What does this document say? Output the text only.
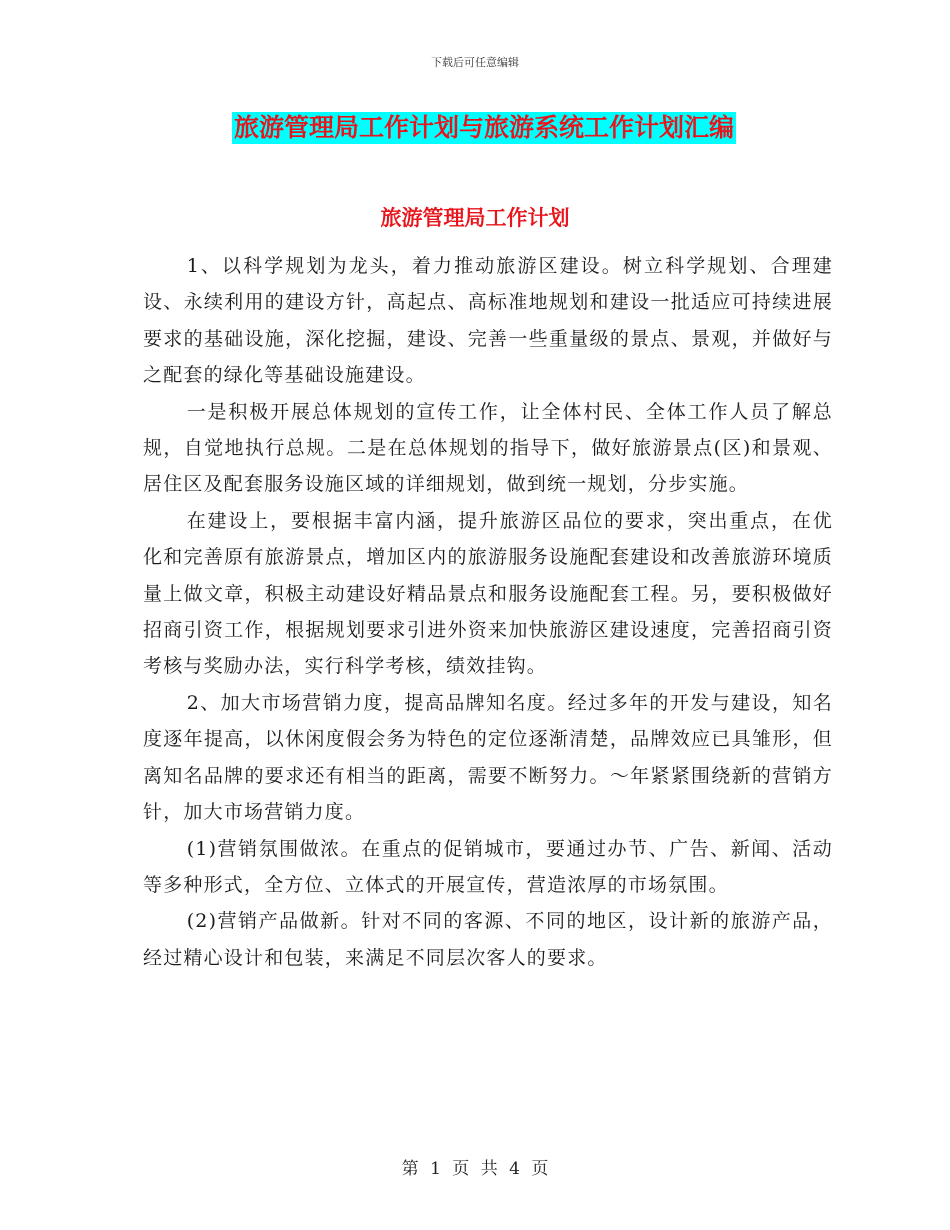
下载后可任意编辑
旅游管理局工作计划与旅游系统工作计划汇编
旅游管理局工作计划

1、以科学规划为龙头，着力推动旅游区建设。树立科学规划、合理建设、永续利用的建设方针，高起点、高标准地规划和建设一批适应可持续进展要求的基础设施，深化挖掘，建设、完善一些重量级的景点、景观，并做好与之配套的绿化等基础设施建设。

一是积极开展总体规划的宣传工作，让全体村民、全体工作人员了解总规，自觉地执行总规。二是在总体规划的指导下，做好旅游景点(区)和景观、居住区及配套服务设施区域的详细规划，做到统一规划，分步实施。

在建设上，要根据丰富内涵，提升旅游区品位的要求，突出重点，在优化和完善原有旅游景点，增加区内的旅游服务设施配套建设和改善旅游环境质量上做文章，积极主动建设好精品景点和服务设施配套工程。另，要积极做好招商引资工作，根据规划要求引进外资来加快旅游区建设速度，完善招商引资考核与奖励办法，实行科学考核，绩效挂钩。

2、加大市场营销力度，提高品牌知名度。经过多年的开发与建设，知名度逐年提高，以休闲度假会务为特色的定位逐渐清楚，品牌效应已具雏形，但离知名品牌的要求还有相当的距离，需要不断努力。～年紧紧围绕新的营销方针，加大市场营销力度。

(1)营销氛围做浓。在重点的促销城市，要通过办节、广告、新闻、活动等多种形式，全方位、立体式的开展宣传，营造浓厚的市场氛围。

(2)营销产品做新。针对不同的客源、不同的地区，设计新的旅游产品，经过精心设计和包装，来满足不同层次客人的要求。

第 1 页 共 4 页
